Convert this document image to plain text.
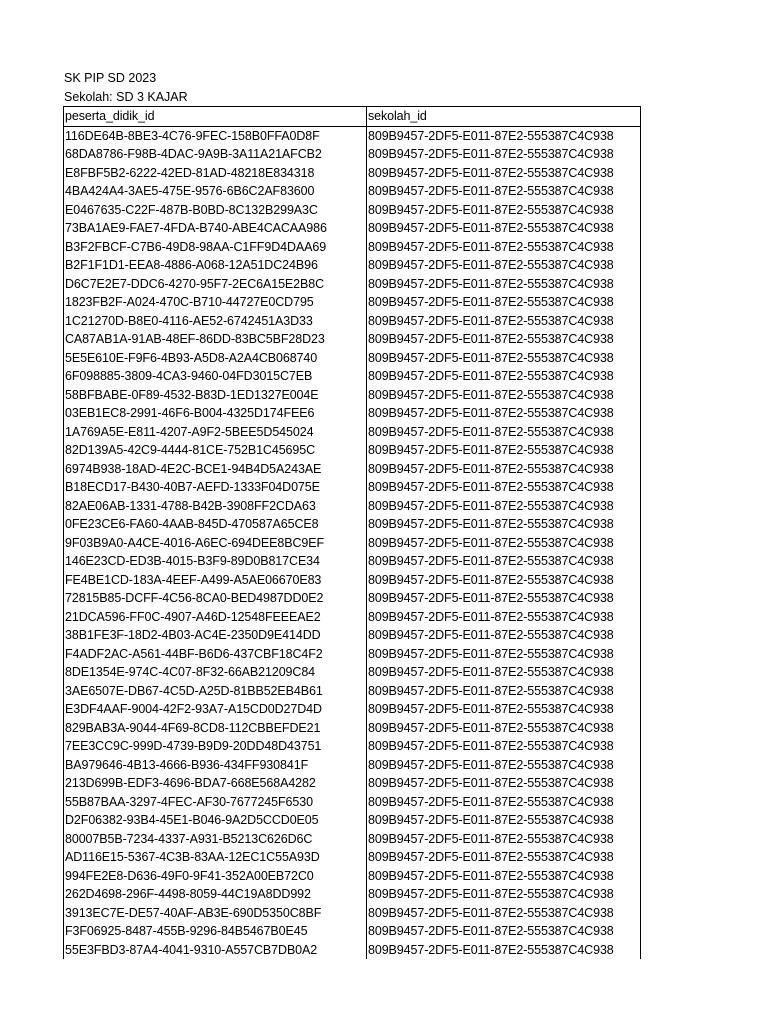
SK PIP SD 2023
Sekolah: SD 3 KAJAR
peserta_didik_id	sekolah_id
116DE64B-8BE3-4C76-9FEC-158B0FFA0D8F	809B9457-2DF5-E011-87E2-555387C4C938
68DA8786-F98B-4DAC-9A9B-3A11A21AFCB2	809B9457-2DF5-E011-87E2-555387C4C938
E8FBF5B2-6222-42ED-81AD-48218E834318	809B9457-2DF5-E011-87E2-555387C4C938
4BA424A4-3AE5-475E-9576-6B6C2AF83600	809B9457-2DF5-E011-87E2-555387C4C938
E0467635-C22F-487B-B0BD-8C132B299A3C	809B9457-2DF5-E011-87E2-555387C4C938
73BA1AE9-FAE7-4FDA-B740-ABE4CACAA986	809B9457-2DF5-E011-87E2-555387C4C938
B3F2FBCF-C7B6-49D8-98AA-C1FF9D4DAA69	809B9457-2DF5-E011-87E2-555387C4C938
B2F1F1D1-EEA8-4886-A068-12A51DC24B96	809B9457-2DF5-E011-87E2-555387C4C938
D6C7E2E7-DDC6-4270-95F7-2EC6A15E2B8C	809B9457-2DF5-E011-87E2-555387C4C938
1823FB2F-A024-470C-B710-44727E0CD795	809B9457-2DF5-E011-87E2-555387C4C938
1C21270D-B8E0-4116-AE52-6742451A3D33	809B9457-2DF5-E011-87E2-555387C4C938
CA87AB1A-91AB-48EF-86DD-83BC5BF28D23	809B9457-2DF5-E011-87E2-555387C4C938
5E5E610E-F9F6-4B93-A5D8-A2A4CB068740	809B9457-2DF5-E011-87E2-555387C4C938
6F098885-3809-4CA3-9460-04FD3015C7EB	809B9457-2DF5-E011-87E2-555387C4C938
58BFBABE-0F89-4532-B83D-1ED1327E004E	809B9457-2DF5-E011-87E2-555387C4C938
03EB1EC8-2991-46F6-B004-4325D174FEE6	809B9457-2DF5-E011-87E2-555387C4C938
1A769A5E-E811-4207-A9F2-5BEE5D545024	809B9457-2DF5-E011-87E2-555387C4C938
82D139A5-42C9-4444-81CE-752B1C45695C	809B9457-2DF5-E011-87E2-555387C4C938
6974B938-18AD-4E2C-BCE1-94B4D5A243AE	809B9457-2DF5-E011-87E2-555387C4C938
B18ECD17-B430-40B7-AEFD-1333F04D075E	809B9457-2DF5-E011-87E2-555387C4C938
82AE06AB-1331-4788-B42B-3908FF2CDA63	809B9457-2DF5-E011-87E2-555387C4C938
0FE23CE6-FA60-4AAB-845D-470587A65CE8	809B9457-2DF5-E011-87E2-555387C4C938
9F03B9A0-A4CE-4016-A6EC-694DEE8BC9EF	809B9457-2DF5-E011-87E2-555387C4C938
146E23CD-ED3B-4015-B3F9-89D0B817CE34	809B9457-2DF5-E011-87E2-555387C4C938
FE4BE1CD-183A-4EEF-A499-A5AE06670E83	809B9457-2DF5-E011-87E2-555387C4C938
72815B85-DCFF-4C56-8CA0-BED4987DD0E2	809B9457-2DF5-E011-87E2-555387C4C938
21DCA596-FF0C-4907-A46D-12548FEEEAE2	809B9457-2DF5-E011-87E2-555387C4C938
38B1FE3F-18D2-4B03-AC4E-2350D9E414DD	809B9457-2DF5-E011-87E2-555387C4C938
F4ADF2AC-A561-44BF-B6D6-437CBF18C4F2	809B9457-2DF5-E011-87E2-555387C4C938
8DE1354E-974C-4C07-8F32-66AB21209C84	809B9457-2DF5-E011-87E2-555387C4C938
3AE6507E-DB67-4C5D-A25D-81BB52EB4B61	809B9457-2DF5-E011-87E2-555387C4C938
E3DF4AAF-9004-42F2-93A7-A15CD0D27D4D	809B9457-2DF5-E011-87E2-555387C4C938
829BAB3A-9044-4F69-8CD8-112CBBEFDE21	809B9457-2DF5-E011-87E2-555387C4C938
7EE3CC9C-999D-4739-B9D9-20DD48D43751	809B9457-2DF5-E011-87E2-555387C4C938
BA979646-4B13-4666-B936-434FF930841F	809B9457-2DF5-E011-87E2-555387C4C938
213D699B-EDF3-4696-BDA7-668E568A4282	809B9457-2DF5-E011-87E2-555387C4C938
55B87BAA-3297-4FEC-AF30-7677245F6530	809B9457-2DF5-E011-87E2-555387C4C938
D2F06382-93B4-45E1-B046-9A2D5CCD0E05	809B9457-2DF5-E011-87E2-555387C4C938
80007B5B-7234-4337-A931-B5213C626D6C	809B9457-2DF5-E011-87E2-555387C4C938
AD116E15-5367-4C3B-83AA-12EC1C55A93D	809B9457-2DF5-E011-87E2-555387C4C938
994FE2E8-D636-49F0-9F41-352A00EB72C0	809B9457-2DF5-E011-87E2-555387C4C938
262D4698-296F-4498-8059-44C19A8DD992	809B9457-2DF5-E011-87E2-555387C4C938
3913EC7E-DE57-40AF-AB3E-690D5350C8BF	809B9457-2DF5-E011-87E2-555387C4C938
F3F06925-8487-455B-9296-84B5467B0E45	809B9457-2DF5-E011-87E2-555387C4C938
55E3FBD3-87A4-4041-9310-A557CB7DB0A2	809B9457-2DF5-E011-87E2-555387C4C938
